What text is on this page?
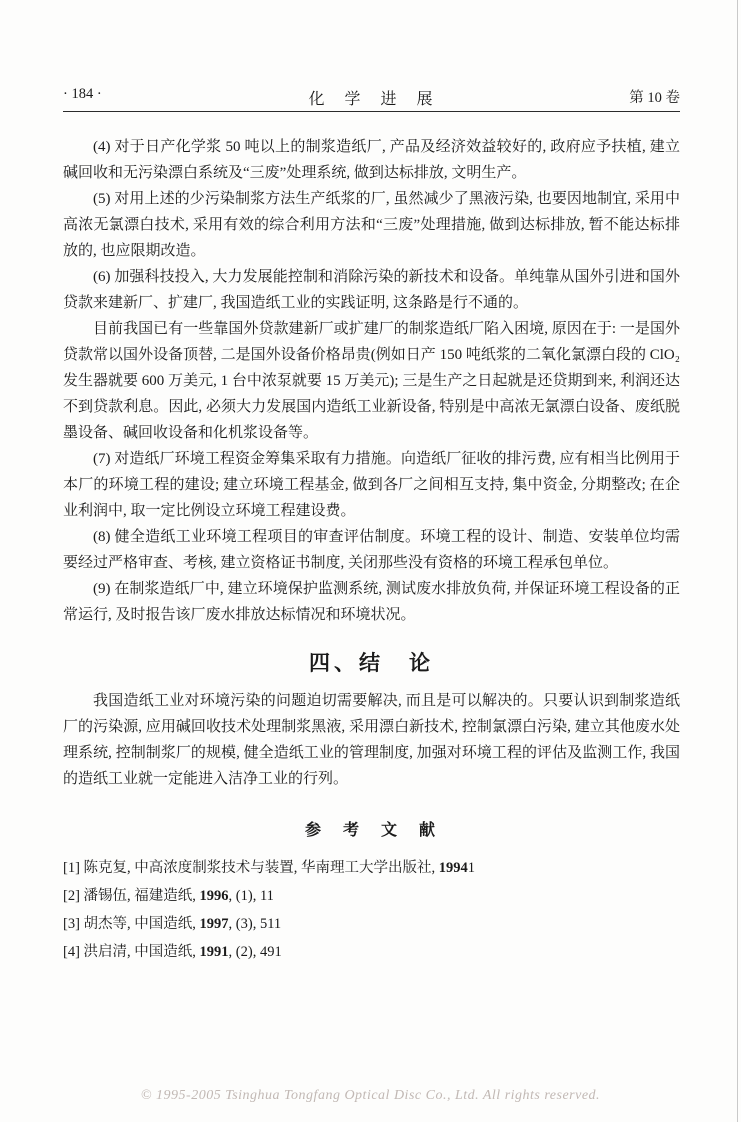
· 184 ·	化　学　进　展	第 10 卷

(4) 对于日产化学浆 50 吨以上的制浆造纸厂, 产品及经济效益较好的, 政府应予扶植, 建立碱回收和无污染漂白系统及“三废”处理系统, 做到达标排放, 文明生产。

(5) 对用上述的少污染制浆方法生产纸浆的厂, 虽然减少了黑液污染, 也要因地制宜, 采用中高浓无氯漂白技术, 采用有效的综合利用方法和“三废”处理措施, 做到达标排放, 暂不能达标排放的, 也应限期改造。

(6) 加强科技投入, 大力发展能控制和消除污染的新技术和设备。单纯靠从国外引进和国外贷款来建新厂、扩建厂, 我国造纸工业的实践证明, 这条路是行不通的。

目前我国已有一些靠国外贷款建新厂或扩建厂的制浆造纸厂陷入困境, 原因在于: 一是国外贷款常以国外设备顶替, 二是国外设备价格昂贵(例如日产 150 吨纸浆的二氧化氯漂白段的 ClO₂ 发生器就要 600 万美元, 1 台中浓泵就要 15 万美元); 三是生产之日起就是还贷期到来, 利润还达不到贷款利息。因此, 必须大力发展国内造纸工业新设备, 特别是中高浓无氯漂白设备、废纸脱墨设备、碱回收设备和化机浆设备等。

(7) 对造纸厂环境工程资金筹集采取有力措施。向造纸厂征收的排污费, 应有相当比例用于本厂的环境工程的建设; 建立环境工程基金, 做到各厂之间相互支持, 集中资金, 分期整改; 在企业利润中, 取一定比例设立环境工程建设费。

(8) 健全造纸工业环境工程项目的审查评估制度。环境工程的设计、制造、安装单位均需要经过严格审查、考核, 建立资格证书制度, 关闭那些没有资格的环境工程承包单位。

(9) 在制浆造纸厂中, 建立环境保护监测系统, 测试废水排放负荷, 并保证环境工程设备的正常运行, 及时报告该厂废水排放达标情况和环境状况。

四、结　论

我国造纸工业对环境污染的问题迫切需要解决, 而且是可以解决的。只要认识到制浆造纸厂的污染源, 应用碱回收技术处理制浆黑液, 采用漂白新技术, 控制氯漂白污染, 建立其他废水处理系统, 控制制浆厂的规模, 健全造纸工业的管理制度, 加强对环境工程的评估及监测工作, 我国的造纸工业就一定能进入洁净工业的行列。

参　考　文　献
[1] 陈克复, 中高浓度制浆技术与装置, 华南理工大学出版社, 19941
[2] 潘锡伍, 福建造纸, 1996, (1), 11
[3] 胡杰等, 中国造纸, 1997, (3), 511
[4] 洪启清, 中国造纸, 1991, (2), 491
© 1995-2005 Tsinghua Tongfang Optical Disc Co., Ltd. All rights reserved.
